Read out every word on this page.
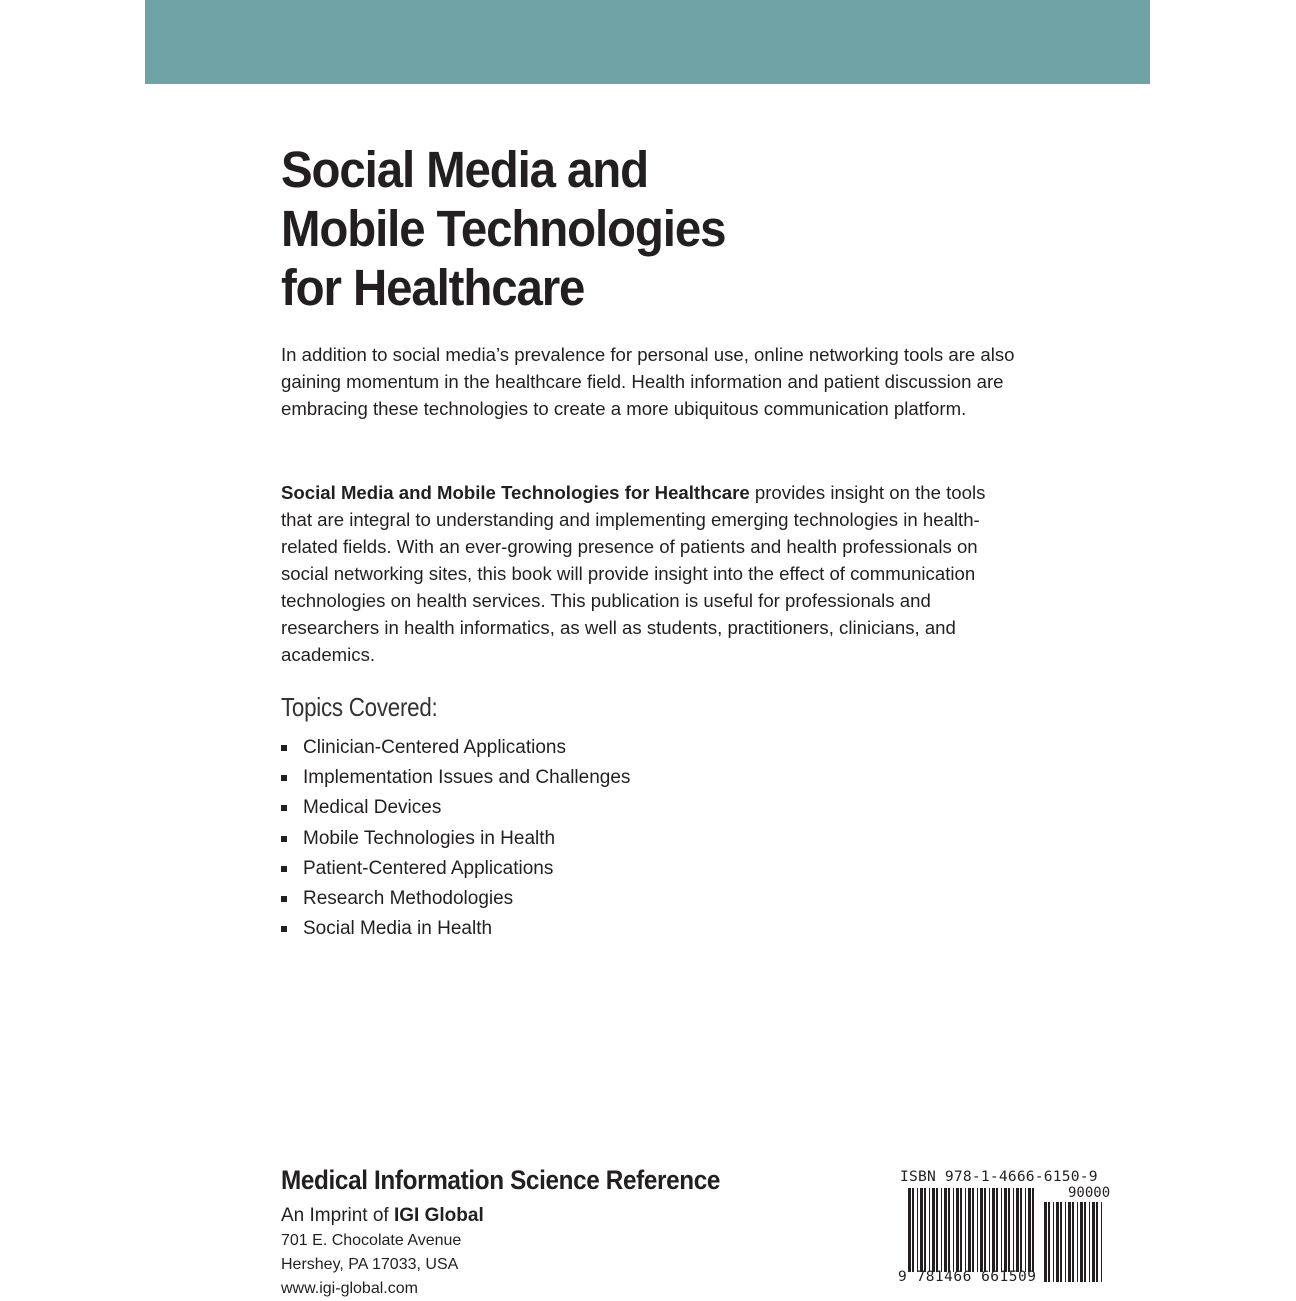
Social Media and
Mobile Technologies
for Healthcare

In addition to social media’s prevalence for personal use, online networking tools are also gaining momentum in the healthcare field. Health information and patient discussion are embracing these technologies to create a more ubiquitous communication platform.

Social Media and Mobile Technologies for Healthcare provides insight on the tools that are integral to understanding and implementing emerging technologies in health-related fields. With an ever-growing presence of patients and health professionals on social networking sites, this book will provide insight into the effect of communication technologies on health services. This publication is useful for professionals and researchers in health informatics, as well as students, practitioners, clinicians, and academics.

Topics Covered:
Clinician-Centered Applications
Implementation Issues and Challenges
Medical Devices
Mobile Technologies in Health
Patient-Centered Applications
Research Methodologies
Social Media in Health
Medical Information Science Reference
An Imprint of IGI Global
701 E. Chocolate Avenue
Hershey, PA 17033, USA
www.igi-global.com
ISBN 978-1-4666-6150-9
90000
9 781466 661509
